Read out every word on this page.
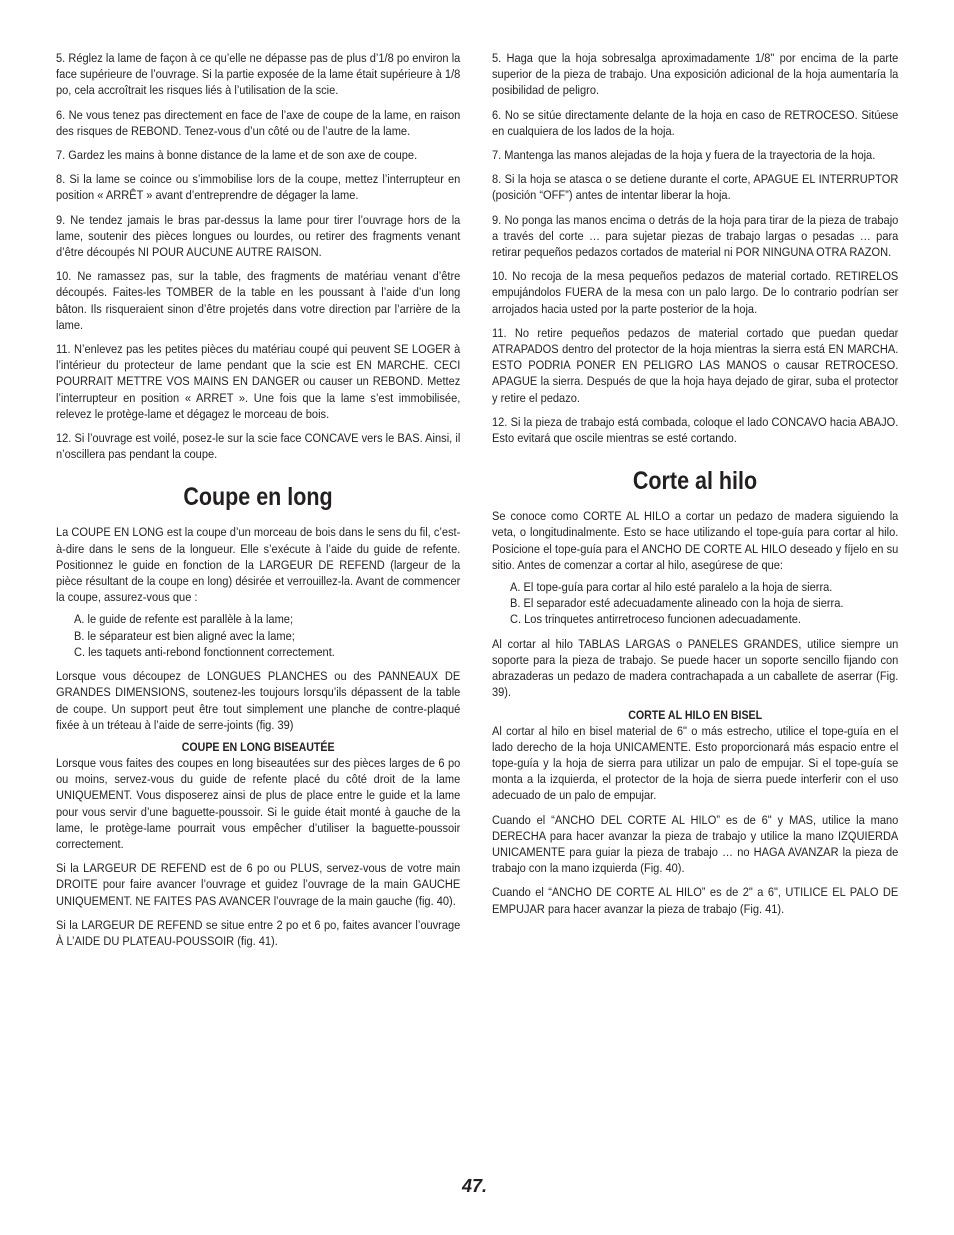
5. Réglez la lame de façon à ce qu’elle ne dépasse pas de plus d’1/8 po environ la face supérieure de l’ouvrage. Si la partie exposée de la lame était supérieure à 1/8 po, cela accroîtrait les risques liés à l’utilisation de la scie.

6. Ne vous tenez pas directement en face de l’axe de coupe de la lame, en raison des risques de REBOND. Tenez-vous d’un côté ou de l’autre de la lame.

7. Gardez les mains à bonne distance de la lame et de son axe de coupe.

8. Si la lame se coince ou s’immobilise lors de la coupe, mettez l’interrupteur en position « ARRÊT » avant d’entreprendre de dégager la lame.

9. Ne tendez jamais le bras par-dessus la lame pour tirer l’ouvrage hors de la lame, soutenir des pièces longues ou lourdes, ou retirer des fragments venant d’être découpés NI POUR AUCUNE AUTRE RAISON.

10. Ne ramassez pas, sur la table, des fragments de matériau venant d’être découpés. Faites-les TOMBER de la table en les poussant à l’aide d’un long bâton. Ils risqueraient sinon d’être projetés dans votre direction par l’arrière de la lame.

11. N’enlevez pas les petites pièces du matériau coupé qui peuvent SE LOGER à l’intérieur du protecteur de lame pendant que la scie est EN MARCHE. CECI POURRAIT METTRE VOS MAINS EN DANGER ou causer un REBOND. Mettez l’interrupteur en position « ARRET ». Une fois que la lame s’est immobilisée, relevez le protège-lame et dégagez le morceau de bois.

12. Si l’ouvrage est voilé, posez-le sur la scie face CONCAVE vers le BAS. Ainsi, il n’oscillera pas pendant la coupe.

Coupe en long

La COUPE EN LONG est la coupe d’un morceau de bois dans le sens du fil, c’est-à-dire dans le sens de la longueur. Elle s’exécute à l’aide du guide de refente. Positionnez le guide en fonction de la LARGEUR DE REFEND (largeur de la pièce résultant de la coupe en long) désirée et verrouillez-la. Avant de commencer la coupe, assurez-vous que :

A. le guide de refente est parallèle à la lame;
B. le séparateur est bien aligné avec la lame;
C. les taquets anti-rebond fonctionnent correctement.

Lorsque vous découpez de LONGUES PLANCHES ou des PANNEAUX DE GRANDES DIMENSIONS, soutenez-les toujours lorsqu’ils dépassent de la table de coupe. Un support peut être tout simplement une planche de contre-plaqué fixée à un tréteau à l’aide de serre-joints (fig. 39)

COUPE EN LONG BISEAUTÉE

Lorsque vous faites des coupes en long biseautées sur des pièces larges de 6 po ou moins, servez-vous du guide de refente placé du côté droit de la lame UNIQUEMENT. Vous disposerez ainsi de plus de place entre le guide et la lame pour vous servir d’une baguette-poussoir. Si le guide était monté à gauche de la lame, le protège-lame pourrait vous empêcher d’utiliser la baguette-poussoir correctement.

Si la LARGEUR DE REFEND est de 6 po ou PLUS, servez-vous de votre main DROITE pour faire avancer l’ouvrage et guidez l’ouvrage de la main GAUCHE UNIQUEMENT. NE FAITES PAS AVANCER l’ouvrage de la main gauche (fig. 40).

Si la LARGEUR DE REFEND se situe entre 2 po et 6 po, faites avancer l’ouvrage À L’AIDE DU PLATEAU-POUSSOIR (fig. 41).

5. Haga que la hoja sobresalga aproximadamente 1/8" por encima de la parte superior de la pieza de trabajo. Una exposición adicional de la hoja aumentaría la posibilidad de peligro.

6. No se sitúe directamente delante de la hoja en caso de RETROCESO. Sitúese en cualquiera de los lados de la hoja.

7. Mantenga las manos alejadas de la hoja y fuera de la trayectoria de la hoja.

8. Si la hoja se atasca o se detiene durante el corte, APAGUE EL INTERRUPTOR (posición “OFF”) antes de intentar liberar la hoja.

9. No ponga las manos encima o detrás de la hoja para tirar de la pieza de trabajo a través del corte … para sujetar piezas de trabajo largas o pesadas … para retirar pequeños pedazos cortados de material ni POR NINGUNA OTRA RAZON.

10. No recoja de la mesa pequeños pedazos de material cortado. RETIRELOS empujándolos FUERA de la mesa con un palo largo. De lo contrario podrían ser arrojados hacia usted por la parte posterior de la hoja.

11. No retire pequeños pedazos de material cortado que puedan quedar ATRAPADOS dentro del protector de la hoja mientras la sierra está EN MARCHA. ESTO PODRIA PONER EN PELIGRO LAS MANOS o causar RETROCESO. APAGUE la sierra. Después de que la hoja haya dejado de girar, suba el protector y retire el pedazo.

12. Si la pieza de trabajo está combada, coloque el lado CONCAVO hacia ABAJO. Esto evitará que oscile mientras se esté cortando.

Corte al hilo

Se conoce como CORTE AL HILO a cortar un pedazo de madera siguiendo la veta, o longitudinalmente. Esto se hace utilizando el tope-guía para cortar al hilo. Posicione el tope-guía para el ANCHO DE CORTE AL HILO deseado y fíjelo en su sitio. Antes de comenzar a cortar al hilo, asegúrese de que:

A. El tope-guía para cortar al hilo esté paralelo a la hoja de sierra.
B. El separador esté adecuadamente alineado con la hoja de sierra.
C. Los trinquetes antirretroceso funcionen adecuadamente.

Al cortar al hilo TABLAS LARGAS o PANELES GRANDES, utilice siempre un soporte para la pieza de trabajo. Se puede hacer un soporte sencillo fijando con abrazaderas un pedazo de madera contrachapada a un caballete de aserrar (Fig. 39).

CORTE AL HILO EN BISEL

Al cortar al hilo en bisel material de 6" o más estrecho, utilice el tope-guía en el lado derecho de la hoja UNICAMENTE. Esto proporcionará más espacio entre el tope-guía y la hoja de sierra para utilizar un palo de empujar. Si el tope-guía se monta a la izquierda, el protector de la hoja de sierra puede interferir con el uso adecuado de un palo de empujar.

Cuando el “ANCHO DEL CORTE AL HILO” es de 6" y MAS, utilice la mano DERECHA para hacer avanzar la pieza de trabajo y utilice la mano IZQUIERDA UNICAMENTE para guiar la pieza de trabajo … no HAGA AVANZAR la pieza de trabajo con la mano izquierda (Fig. 40).

Cuando el “ANCHO DE CORTE AL HILO” es de 2" a 6", UTILICE EL PALO DE EMPUJAR para hacer avanzar la pieza de trabajo (Fig. 41).

47.
